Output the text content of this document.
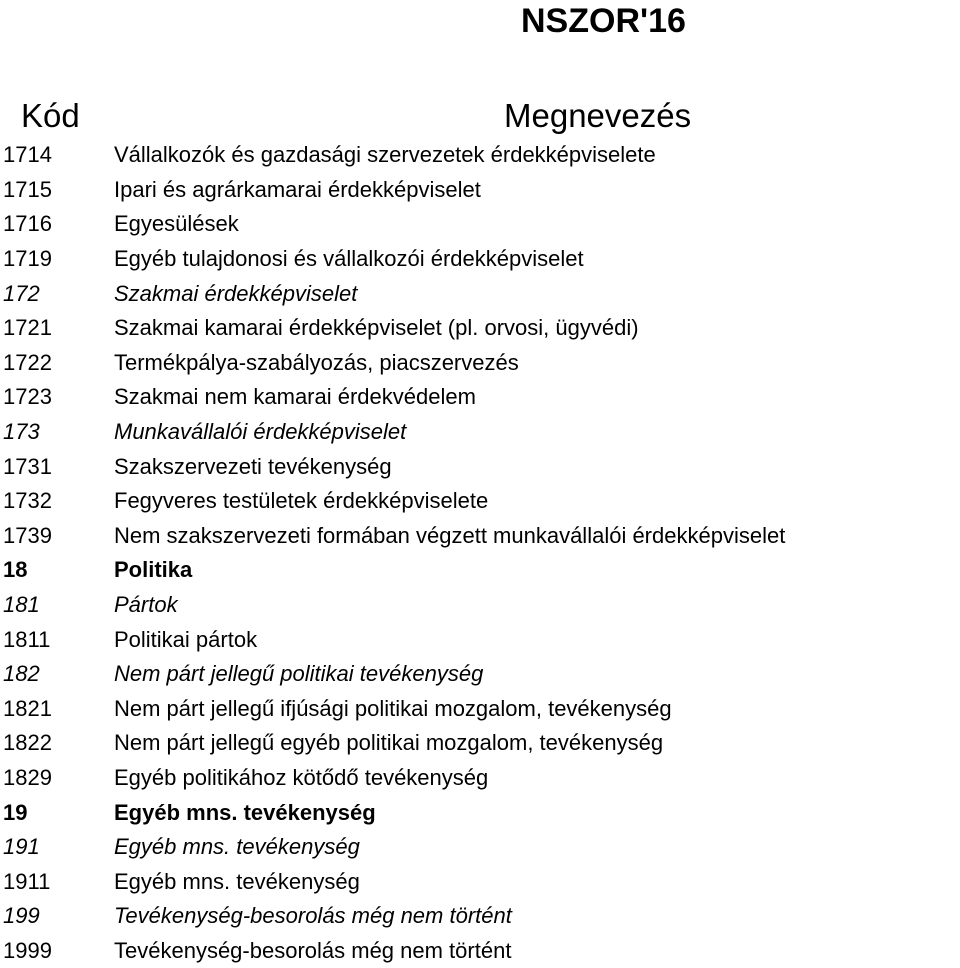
NSZOR'16
Kód	Megnevezés
1714	Vállalkozók és gazdasági szervezetek érdekképviselete
1715	Ipari és agrárkamarai érdekképviselet
1716	Egyesülések
1719	Egyéb tulajdonosi és vállalkozói érdekképviselet
172	Szakmai érdekképviselet
1721	Szakmai kamarai érdekképviselet (pl. orvosi, ügyvédi)
1722	Termékpálya-szabályozás, piacszervezés
1723	Szakmai nem kamarai érdekvédelem
173	Munkavállalói érdekképviselet
1731	Szakszervezeti tevékenység
1732	Fegyveres testületek érdekképviselete
1739	Nem szakszervezeti formában végzett munkavállalói érdekképviselet
18	Politika
181	Pártok
1811	Politikai pártok
182	Nem párt jellegű politikai tevékenység
1821	Nem párt jellegű ifjúsági politikai mozgalom, tevékenység
1822	Nem párt jellegű egyéb politikai mozgalom, tevékenység
1829	Egyéb politikához kötődő tevékenység
19	Egyéb mns. tevékenység
191	Egyéb mns. tevékenység
1911	Egyéb mns. tevékenység
199	Tevékenység-besorolás még nem történt
1999	Tevékenység-besorolás még nem történt
